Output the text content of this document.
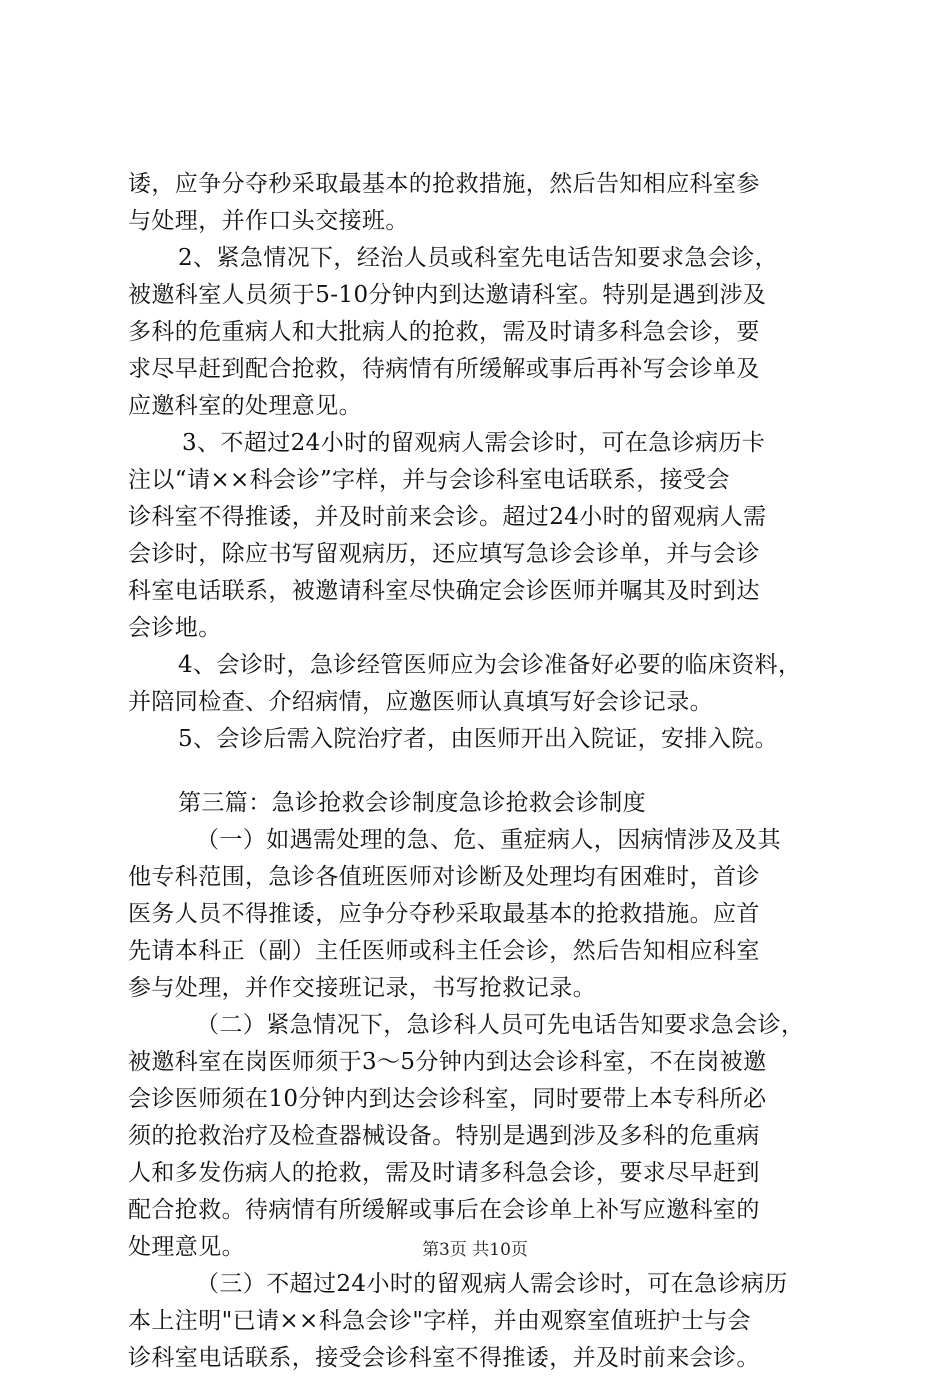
诿，应争分夺秒采取最基本的抢救措施，然后告知相应科室参
与处理，并作口头交接班。
2、紧急情况下，经治人员或科室先电话告知要求急会诊，
被邀科室人员须于5-10分钟内到达邀请科室。特别是遇到涉及
多科的危重病人和大批病人的抢救，需及时请多科急会诊，要
求尽早赶到配合抢救，待病情有所缓解或事后再补写会诊单及
应邀科室的处理意见。
3、不超过24小时的留观病人需会诊时，可在急诊病历卡
注以“请××科会诊”字样，并与会诊科室电话联系，接受会
诊科室不得推诿，并及时前来会诊。超过24小时的留观病人需
会诊时，除应书写留观病历，还应填写急诊会诊单，并与会诊
科室电话联系，被邀请科室尽快确定会诊医师并嘱其及时到达
会诊地。
4、会诊时，急诊经管医师应为会诊准备好必要的临床资料，
并陪同检查、介绍病情，应邀医师认真填写好会诊记录。
5、会诊后需入院治疗者，由医师开出入院证，安排入院。
第三篇：急诊抢救会诊制度急诊抢救会诊制度
（一）如遇需处理的急、危、重症病人，因病情涉及及其
他专科范围，急诊各值班医师对诊断及处理均有困难时，首诊
医务人员不得推诿，应争分夺秒采取最基本的抢救措施。应首
先请本科正（副）主任医师或科主任会诊，然后告知相应科室
参与处理，并作交接班记录，书写抢救记录。
（二）紧急情况下，急诊科人员可先电话告知要求急会诊，
被邀科室在岗医师须于3～5分钟内到达会诊科室，不在岗被邀
会诊医师须在10分钟内到达会诊科室，同时要带上本专科所必
须的抢救治疗及检查器械设备。特别是遇到涉及多科的危重病
人和多发伤病人的抢救，需及时请多科急会诊，要求尽早赶到
配合抢救。待病情有所缓解或事后在会诊单上补写应邀科室的
处理意见。
（三）不超过24小时的留观病人需会诊时，可在急诊病历
本上注明"已请××科急会诊"字样，并由观察室值班护士与会
诊科室电话联系，接受会诊科室不得推诿，并及时前来会诊。
第3页 共10页
